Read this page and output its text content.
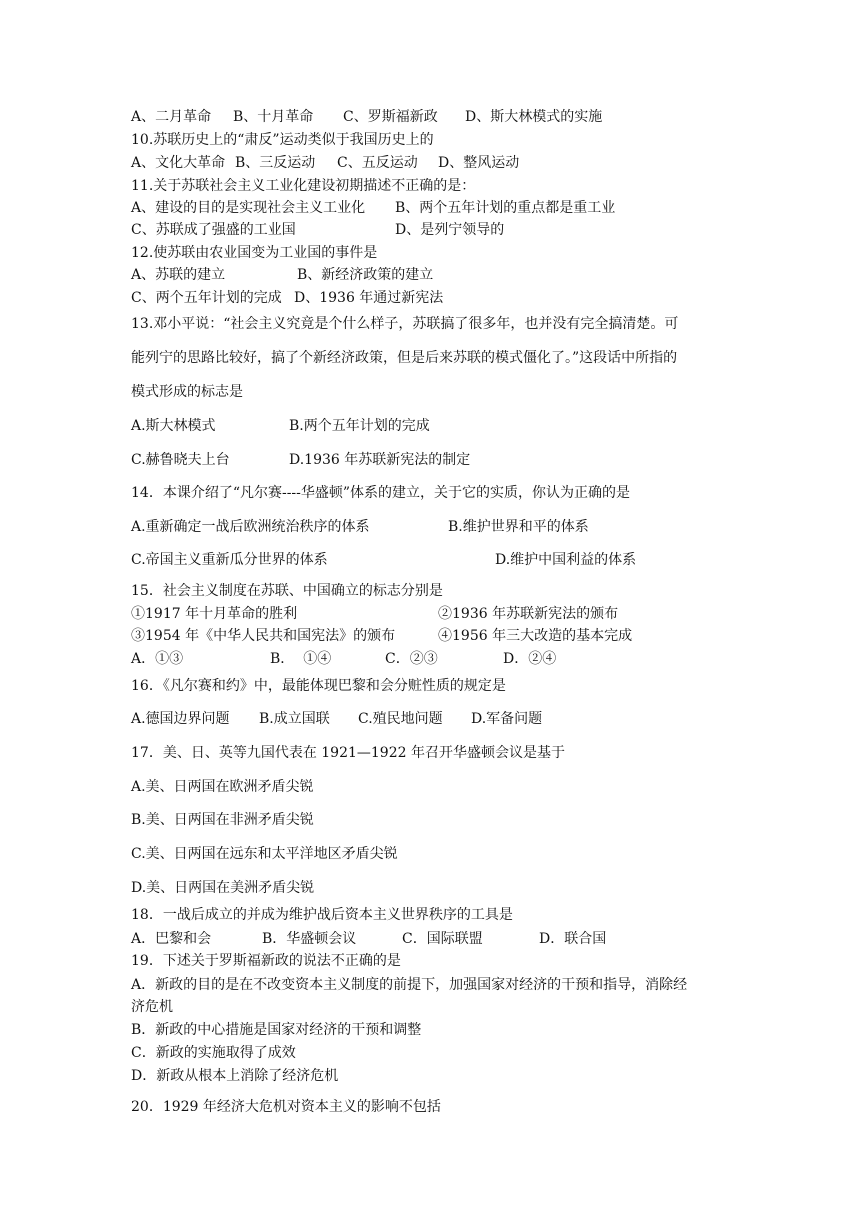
A、二月革命 B、十月革命 C、罗斯福新政 D、斯大林模式的实施
10.苏联历史上的“肃反”运动类似于我国历史上的
A、文化大革命 B、三反运动 C、五反运动 D、整风运动
11.关于苏联社会主义工业化建设初期描述不正确的是：
A、建设的目的是实现社会主义工业化 B、两个五年计划的重点都是重工业
C、苏联成了强盛的工业国	D、是列宁领导的
12.使苏联由农业国变为工业国的事件是
A、苏联的建立	B、新经济政策的建立
C、两个五年计划的完成 D、1936 年通过新宪法
13.邓小平说：“社会主义究竟是个什么样子，苏联搞了很多年，也并没有完全搞清楚。可
能列宁的思路比较好，搞了个新经济政策，但是后来苏联的模式僵化了。”这段话中所指的
模式形成的标志是
A.斯大林模式	B.两个五年计划的完成
C.赫鲁晓夫上台	D.1936 年苏联新宪法的制定
14．本课介绍了“凡尔赛----华盛顿”体系的建立，关于它的实质，你认为正确的是
A.重新确定一战后欧洲统治秩序的体系	B.维护世界和平的体系
C.帝国主义重新瓜分世界的体系	D.维护中国利益的体系
15．社会主义制度在苏联、中国确立的标志分别是
①1917 年十月革命的胜利	②1936 年苏联新宪法的颁布
③1954 年《中华人民共和国宪法》的颁布	④1956 年三大改造的基本完成
A．①③	B．  ①④	C．②③	D．②④
16．《凡尔赛和约》中，最能体现巴黎和会分赃性质的规定是
A.德国边界问题 B.成立国联 C.殖民地问题 D.军备问题
17．美、日、英等九国代表在 1921—1922 年召开华盛顿会议是基于
A.美、日两国在欧洲矛盾尖锐
B.美、日两国在非洲矛盾尖锐
C.美、日两国在远东和太平洋地区矛盾尖锐
D.美、日两国在美洲矛盾尖锐
18．一战后成立的并成为维护战后资本主义世界秩序的工具是
A．巴黎和会	B．华盛顿会议	C．国际联盟	D．联合国
19．下述关于罗斯福新政的说法不正确的是
A．新政的目的是在不改变资本主义制度的前提下，加强国家对经济的干预和指导，消除经
济危机
B．新政的中心措施是国家对经济的干预和调整
C．新政的实施取得了成效
D．新政从根本上消除了经济危机
20．1929 年经济大危机对资本主义的影响不包括
